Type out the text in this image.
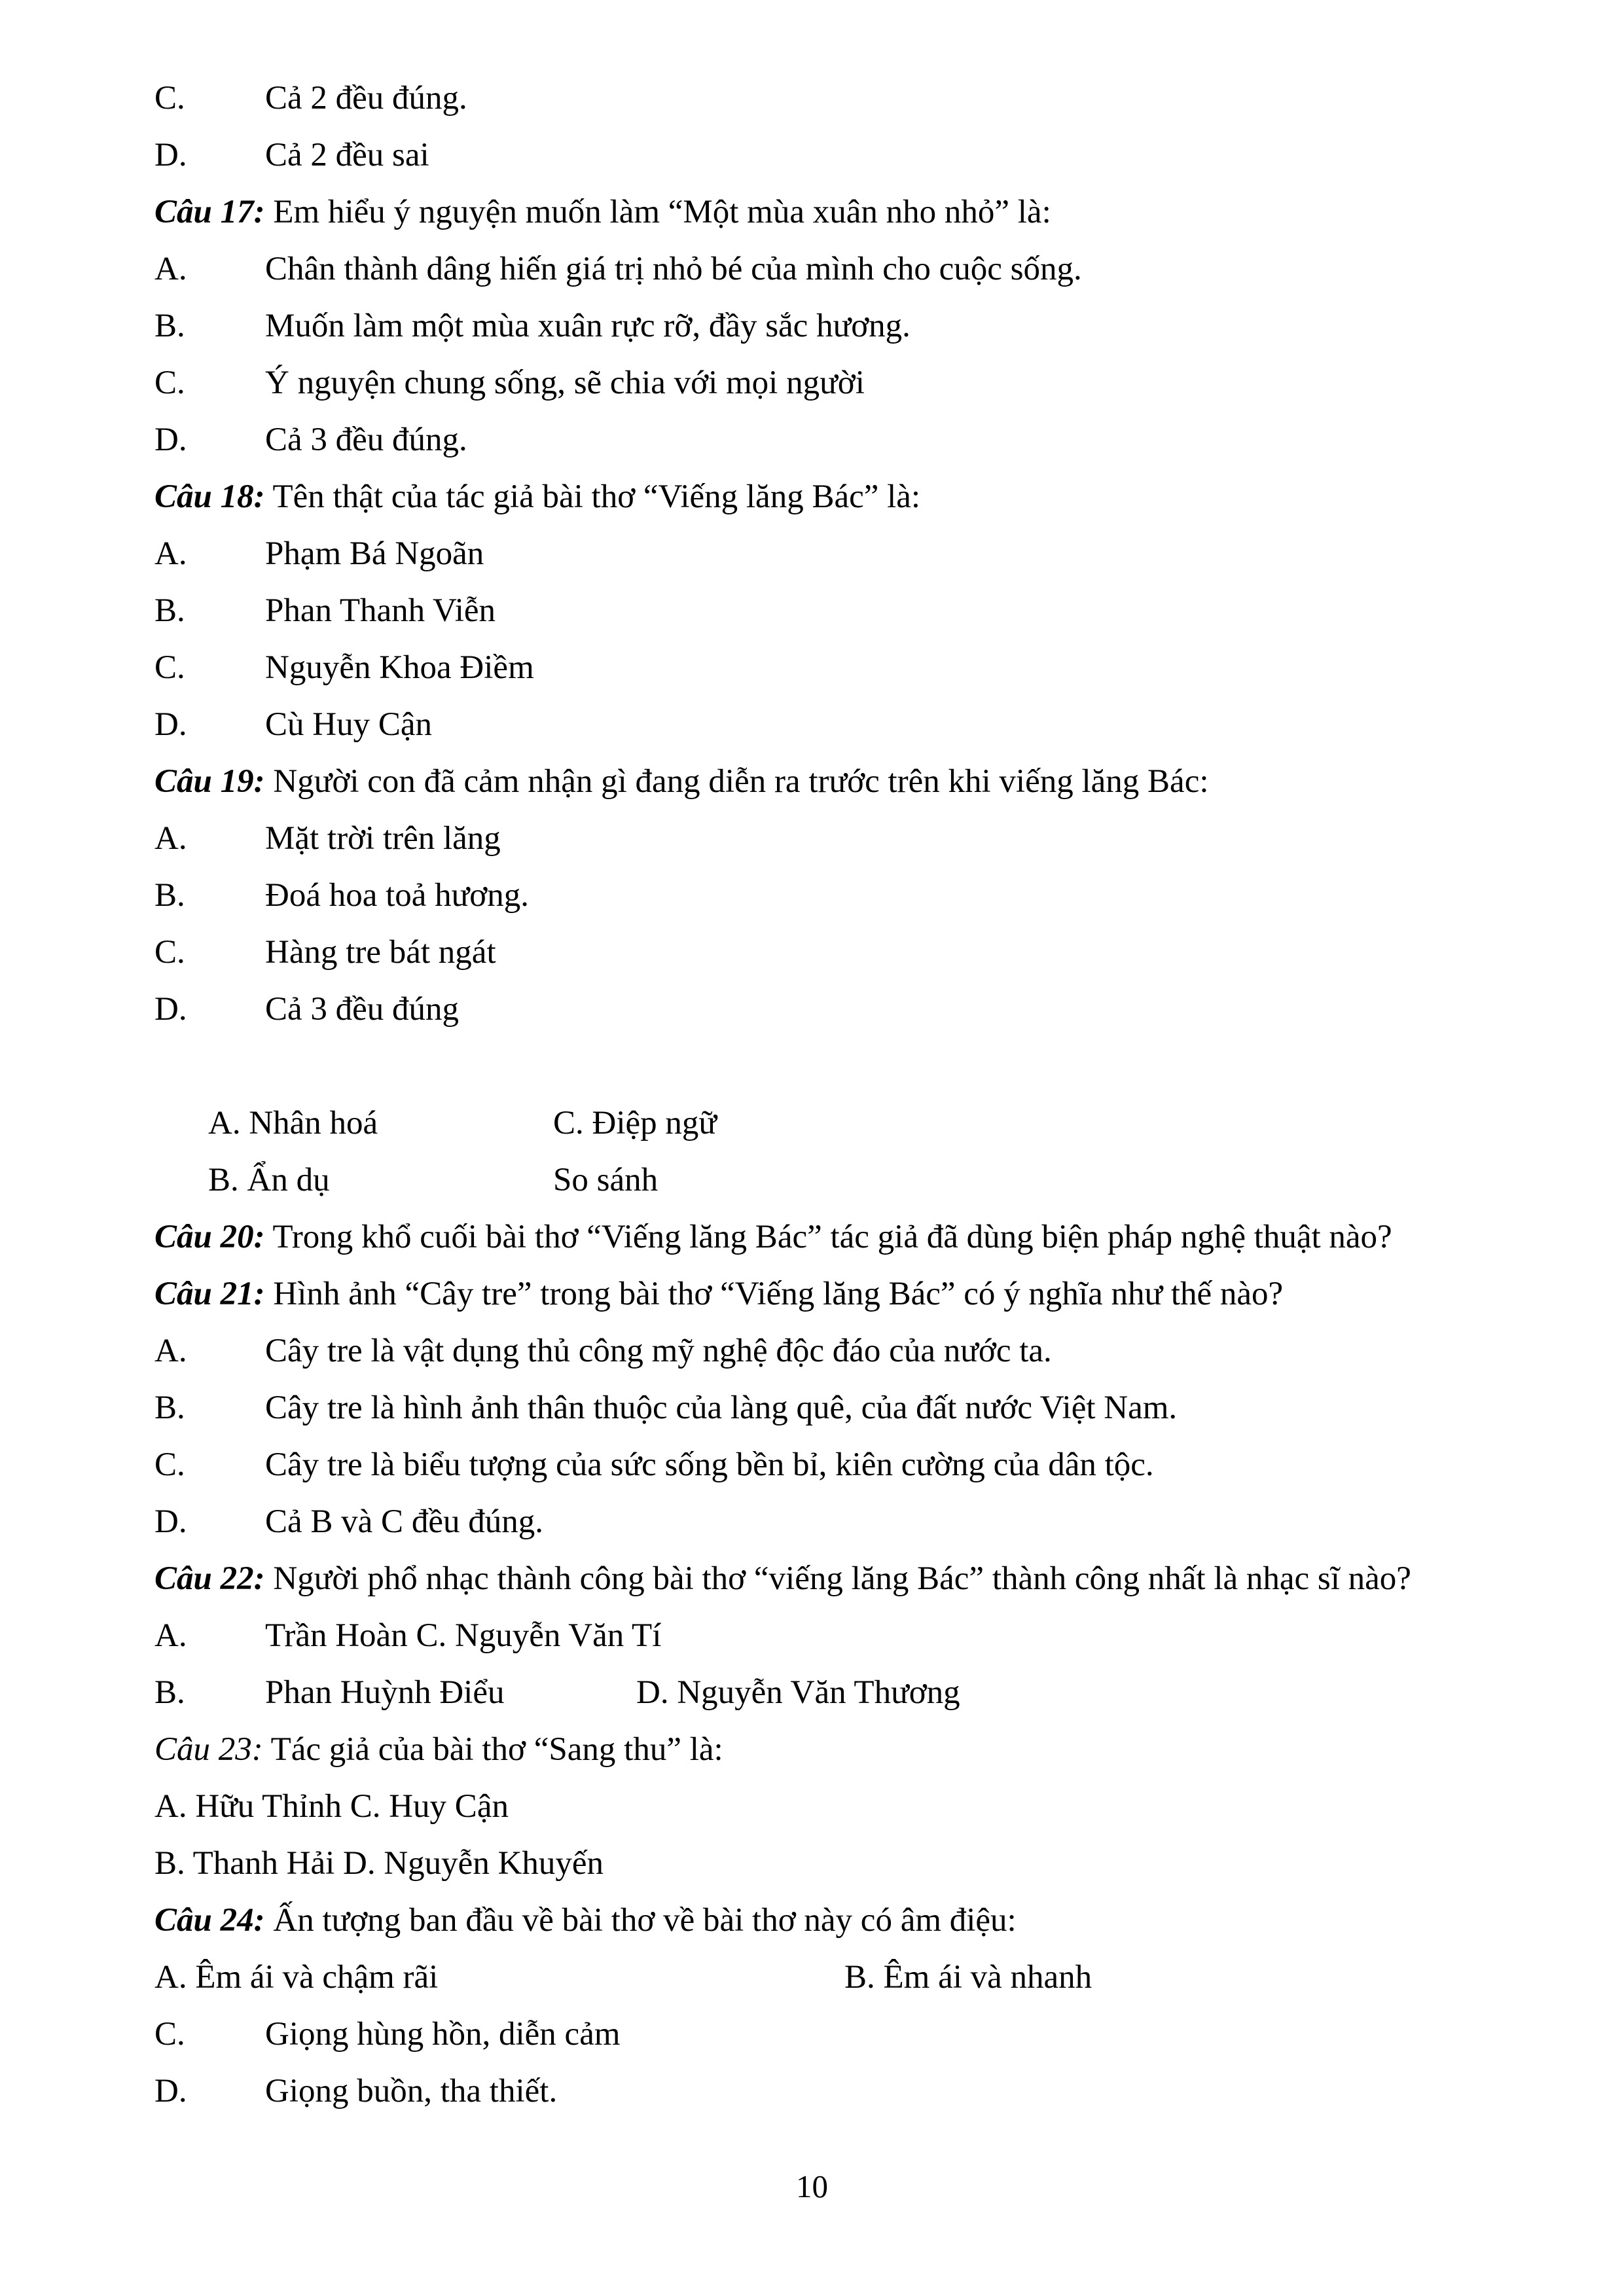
C. Cả 2 đều đúng.
D. Cả 2 đều sai
Câu 17: Em hiểu ý nguyện muốn làm “Một mùa xuân nho nhỏ” là:
A. Chân thành dâng hiến giá trị nhỏ bé của mình cho cuộc sống.
B. Muốn làm một mùa xuân rực rỡ, đầy sắc hương.
C. Ý nguyện chung sống, sẽ chia với mọi người
D. Cả 3 đều đúng.
Câu 18: Tên thật của tác giả bài thơ “Viếng lăng Bác” là:
A. Phạm Bá Ngoãn
B. Phan Thanh Viễn
C. Nguyễn Khoa Điềm
D. Cù Huy Cận
Câu 19: Người con đã cảm nhận gì đang diễn ra trước trên khi viếng lăng Bác:
A. Mặt trời trên lăng
B. Đoá hoa toả hương.
C. Hàng tre bát ngát
D. Cả 3 đều đúng
A. Nhân hoá	C. Điệp ngữ
B. Ẩn dụ	So sánh
Câu 20: Trong khổ cuối bài thơ “Viếng lăng Bác” tác giả đã dùng biện pháp nghệ thuật nào?
Câu 21: Hình ảnh “Cây tre” trong bài thơ “Viếng lăng Bác” có ý nghĩa như thế nào?
A. Cây tre là vật dụng thủ công mỹ nghệ độc đáo của nước ta.
B. Cây tre là hình ảnh thân thuộc của làng quê, của đất nước Việt Nam.
C. Cây tre là biểu tượng của sức sống bền bỉ, kiên cường của dân tộc.
D. Cả B và C đều đúng.
Câu 22: Người phổ nhạc thành công bài thơ “viếng lăng Bác” thành công nhất là nhạc sĩ nào?
A. Trần Hoàn C. Nguyễn Văn Tí
B. Phan Huỳnh Điểu	D. Nguyễn Văn Thương
Câu 23: Tác giả của bài thơ “Sang thu” là:
A. Hữu Thỉnh C. Huy Cận
B. Thanh Hải D. Nguyễn Khuyến
Câu 24: Ấn tượng ban đầu về bài thơ về bài thơ này có âm điệu:
A. Êm ái và chậm rãi	B. Êm ái và nhanh
C. Giọng hùng hồn, diễn cảm
D. Giọng buồn, tha thiết.
10
